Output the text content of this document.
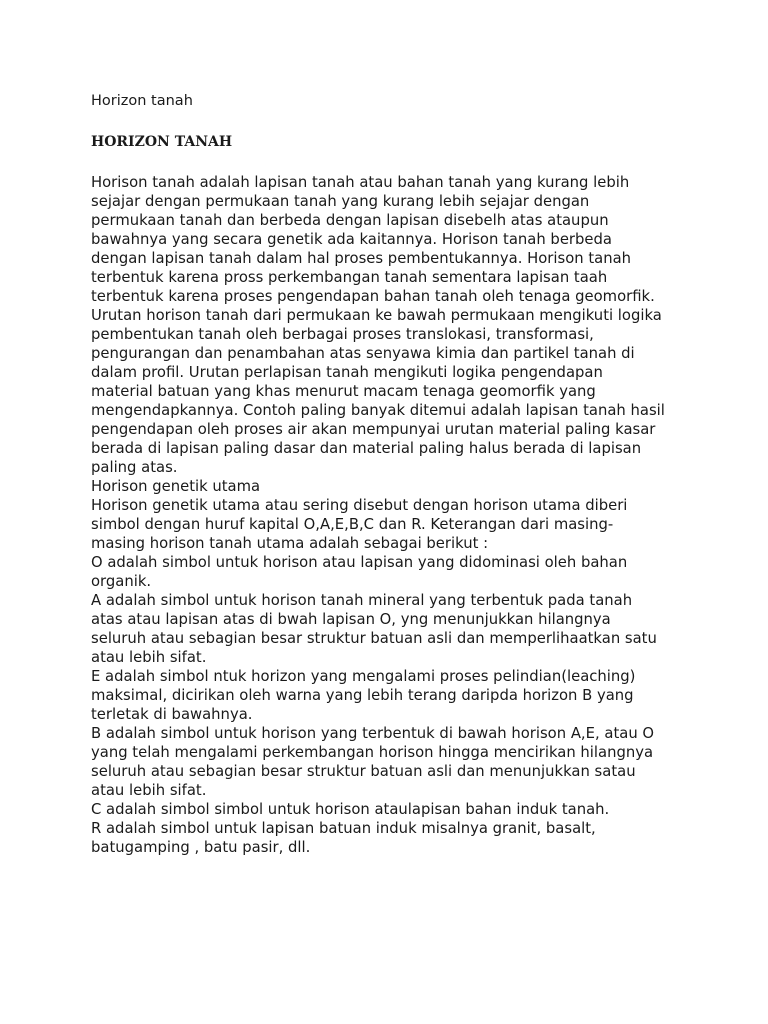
Horizon tanah
HORIZON TANAH

Horison tanah adalah lapisan tanah atau bahan tanah yang kurang lebih
sejajar dengan permukaan tanah yang kurang lebih sejajar dengan
permukaan tanah dan berbeda dengan lapisan disebelh atas ataupun
bawahnya yang secara genetik ada kaitannya. Horison tanah berbeda
dengan lapisan tanah dalam hal proses pembentukannya. Horison tanah
terbentuk karena pross perkembangan tanah sementara lapisan taah
terbentuk karena proses pengendapan bahan tanah oleh tenaga geomorfik.
Urutan horison tanah dari permukaan ke bawah permukaan mengikuti logika
pembentukan tanah oleh berbagai proses translokasi, transformasi,
pengurangan dan penambahan atas senyawa kimia dan partikel tanah di
dalam profil. Urutan perlapisan tanah mengikuti logika pengendapan
material batuan yang khas menurut macam tenaga geomorfik yang
mengendapkannya. Contoh paling banyak ditemui adalah lapisan tanah hasil
pengendapan oleh proses air akan mempunyai urutan material paling kasar
berada di lapisan paling dasar dan material paling halus berada di lapisan
paling atas.

Horison genetik utama

Horison genetik utama atau sering disebut dengan horison utama diberi
simbol dengan huruf kapital O,A,E,B,C dan R. Keterangan dari masing-
masing horison tanah utama adalah sebagai berikut :

O adalah simbol untuk horison atau lapisan yang didominasi oleh bahan
organik.

A adalah simbol untuk horison tanah mineral yang terbentuk pada tanah
atas atau lapisan atas di bwah lapisan O, yng menunjukkan hilangnya
seluruh atau sebagian besar struktur batuan asli dan memperlihaatkan satu
atau lebih sifat.

E adalah simbol ntuk horizon yang mengalami proses pelindian(leaching)
maksimal, dicirikan oleh warna yang lebih terang daripda horizon B yang
terletak di bawahnya.

B adalah simbol untuk horison yang terbentuk di bawah horison A,E, atau O
yang telah mengalami perkembangan horison hingga mencirikan hilangnya
seluruh atau sebagian besar struktur batuan asli dan menunjukkan satau
atau lebih sifat.

C adalah simbol simbol untuk horison ataulapisan bahan induk tanah.

R adalah simbol untuk lapisan batuan induk misalnya granit, basalt,
batugamping , batu pasir, dll.
